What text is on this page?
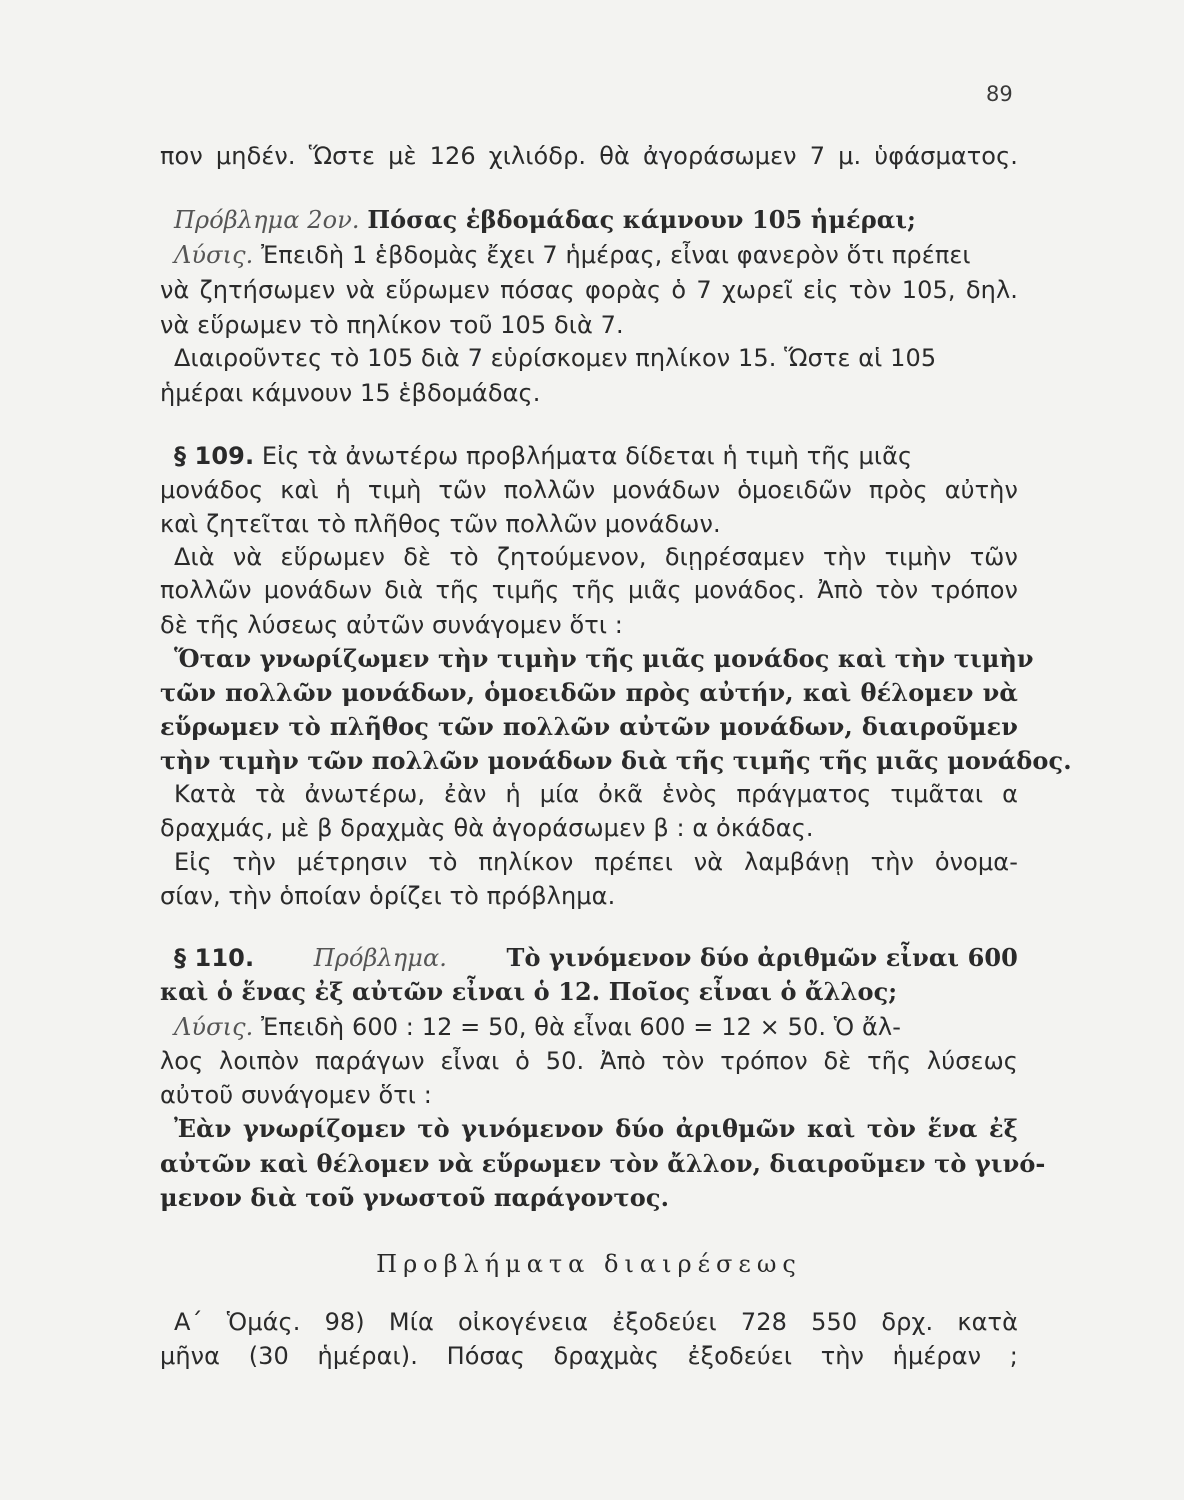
89
πον μηδέν. Ὥστε μὲ 126 χιλιόδρ. θὰ ἀγοράσωμεν 7 μ. ὑφάσματος.
Πρόβλημα 2ον. Πόσας ἑβδομάδας κάμνουν 105 ἡμέραι;
Λύσις. Ἐπειδὴ 1 ἑβδομὰς ἔχει 7 ἡμέρας, εἶναι φανερὸν ὅτι πρέπει
νὰ ζητήσωμεν νὰ εὕρωμεν πόσας φορὰς ὁ 7 χωρεῖ εἰς τὸν 105, δηλ.
νὰ εὕρωμεν τὸ πηλίκον τοῦ 105 διὰ 7.
Διαιροῦντες τὸ 105 διὰ 7 εὑρίσκομεν πηλίκον 15. Ὥστε αἱ 105
ἡμέραι κάμνουν 15 ἑβδομάδας.
§ 109. Εἰς τὰ ἀνωτέρω προβλήματα δίδεται ἡ τιμὴ τῆς μιᾶς
μονάδος καὶ ἡ τιμὴ τῶν πολλῶν μονάδων ὁμοειδῶν πρὸς αὐτὴν
καὶ ζητεῖται τὸ πλῆθος τῶν πολλῶν μονάδων.
Διὰ νὰ εὕρωμεν δὲ τὸ ζητούμενον, διῃρέσαμεν τὴν τιμὴν τῶν
πολλῶν μονάδων διὰ τῆς τιμῆς τῆς μιᾶς μονάδος. Ἀπὸ τὸν τρόπον
δὲ τῆς λύσεως αὐτῶν συνάγομεν ὅτι :
Ὅταν γνωρίζωμεν τὴν τιμὴν τῆς μιᾶς μονάδος καὶ τὴν τιμὴν
τῶν πολλῶν μονάδων, ὁμοειδῶν πρὸς αὐτήν, καὶ θέλομεν νὰ
εὕρωμεν τὸ πλῆθος τῶν πολλῶν αὐτῶν μονάδων, διαιροῦμεν
τὴν τιμὴν τῶν πολλῶν μονάδων διὰ τῆς τιμῆς τῆς μιᾶς μονάδος.
Κατὰ τὰ ἀνωτέρω, ἐὰν ἡ μία ὀκᾶ ἑνὸς πράγματος τιμᾶται α
δραχμάς, μὲ β δραχμὰς θὰ ἀγοράσωμεν β : α ὀκάδας.
Εἰς τὴν μέτρησιν τὸ πηλίκον πρέπει νὰ λαμβάνῃ τὴν ὀνομα-
σίαν, τὴν ὁποίαν ὁρίζει τὸ πρόβλημα.
§ 110. Πρόβλημα. Τὸ γινόμενον δύο ἀριθμῶν εἶναι 600
καὶ ὁ ἕνας ἐξ αὐτῶν εἶναι ὁ 12. Ποῖος εἶναι ὁ ἄλλος;
Λύσις. Ἐπειδὴ 600 : 12 = 50, θὰ εἶναι 600 = 12 × 50. Ὁ ἄλ-
λος λοιπὸν παράγων εἶναι ὁ 50. Ἀπὸ τὸν τρόπον δὲ τῆς λύσεως
αὐτοῦ συνάγομεν ὅτι :
Ἐὰν γνωρίζομεν τὸ γινόμενον δύο ἀριθμῶν καὶ τὸν ἕνα ἐξ
αὐτῶν καὶ θέλομεν νὰ εὕρωμεν τὸν ἄλλον, διαιροῦμεν τὸ γινό-
μενον διὰ τοῦ γνωστοῦ παράγοντος.
Προβλήματα διαιρέσεως
Α΄ Ὁμάς. 98) Μία οἰκογένεια ἐξοδεύει 728 550 δρχ. κατὰ
μῆνα (30 ἡμέραι). Πόσας δραχμὰς ἐξοδεύει τὴν ἡμέραν ;
